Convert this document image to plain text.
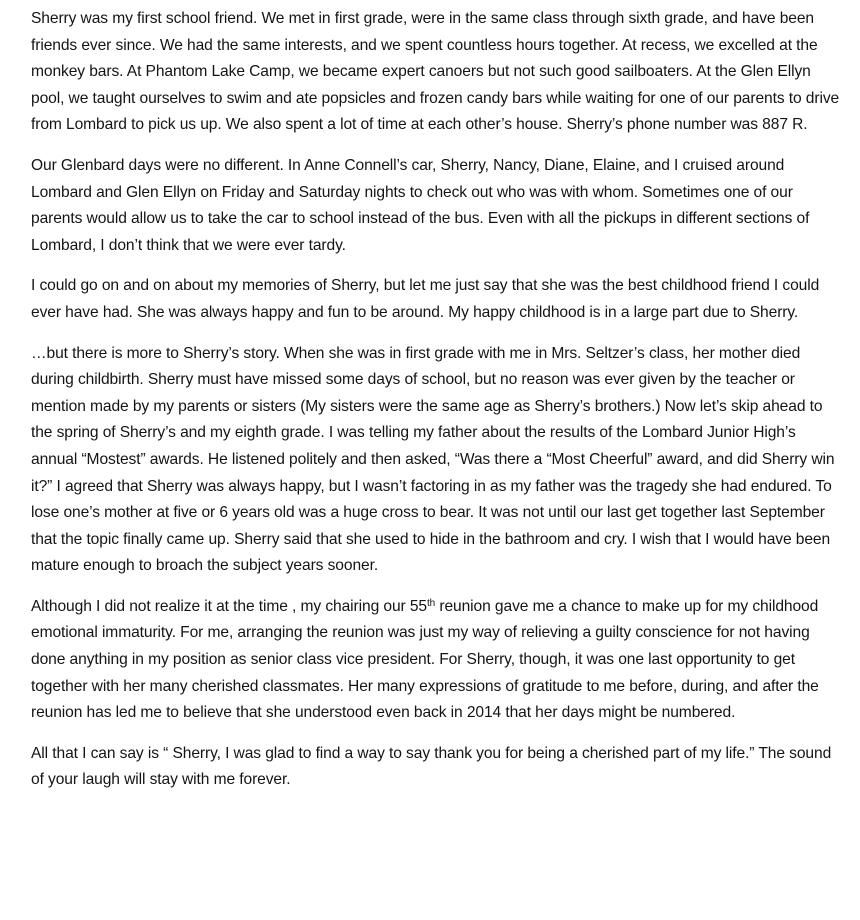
Sherry was my first school friend. We met in first grade, were in the same class through sixth grade, and have been friends ever since. We had the same interests, and we spent countless hours together. At recess, we excelled at the monkey bars. At Phantom Lake Camp, we became expert canoers but not such good sailboaters. At the Glen Ellyn pool, we taught ourselves to swim and ate popsicles and frozen candy bars while waiting for one of our parents to drive from Lombard to pick us up. We also spent a lot of time at each other’s house. Sherry’s phone number was 887 R.

Our Glenbard days were no different. In Anne Connell’s car, Sherry, Nancy, Diane, Elaine, and I cruised around Lombard and Glen Ellyn on Friday and Saturday nights to check out who was with whom. Sometimes one of our parents would allow us to take the car to school instead of the bus. Even with all the pickups in different sections of Lombard, I don’t think that we were ever tardy.

I could go on and on about my memories of Sherry, but let me just say that she was the best childhood friend I could ever have had. She was always happy and fun to be around. My happy childhood is in a large part due to Sherry.

…but there is more to Sherry’s story. When she was in first grade with me in Mrs. Seltzer’s class, her mother died during childbirth. Sherry must have missed some days of school, but no reason was ever given by the teacher or mention made by my parents or sisters (My sisters were the same age as Sherry’s brothers.) Now let’s skip ahead to the spring of Sherry’s and my eighth grade. I was telling my father about the results of the Lombard Junior High’s annual “Mostest” awards. He listened politely and then asked, “Was there a “Most Cheerful” award, and did Sherry win it?” I agreed that Sherry was always happy, but I wasn’t factoring in as my father was the tragedy she had endured. To lose one’s mother at five or 6 years old was a huge cross to bear. It was not until our last get together last September that the topic finally came up. Sherry said that she used to hide in the bathroom and cry. I wish that I would have been mature enough to broach the subject years sooner.

Although I did not realize it at the time , my chairing our 55th reunion gave me a chance to make up for my childhood emotional immaturity. For me, arranging the reunion was just my way of relieving a guilty conscience for not having done anything in my position as senior class vice president. For Sherry, though, it was one last opportunity to get together with her many cherished classmates. Her many expressions of gratitude to me before, during, and after the reunion has led me to believe that she understood even back in 2014 that her days might be numbered.

All that I can say is “ Sherry, I was glad to find a way to say thank you for being a cherished part of my life.” The sound of your laugh will stay with me forever.
